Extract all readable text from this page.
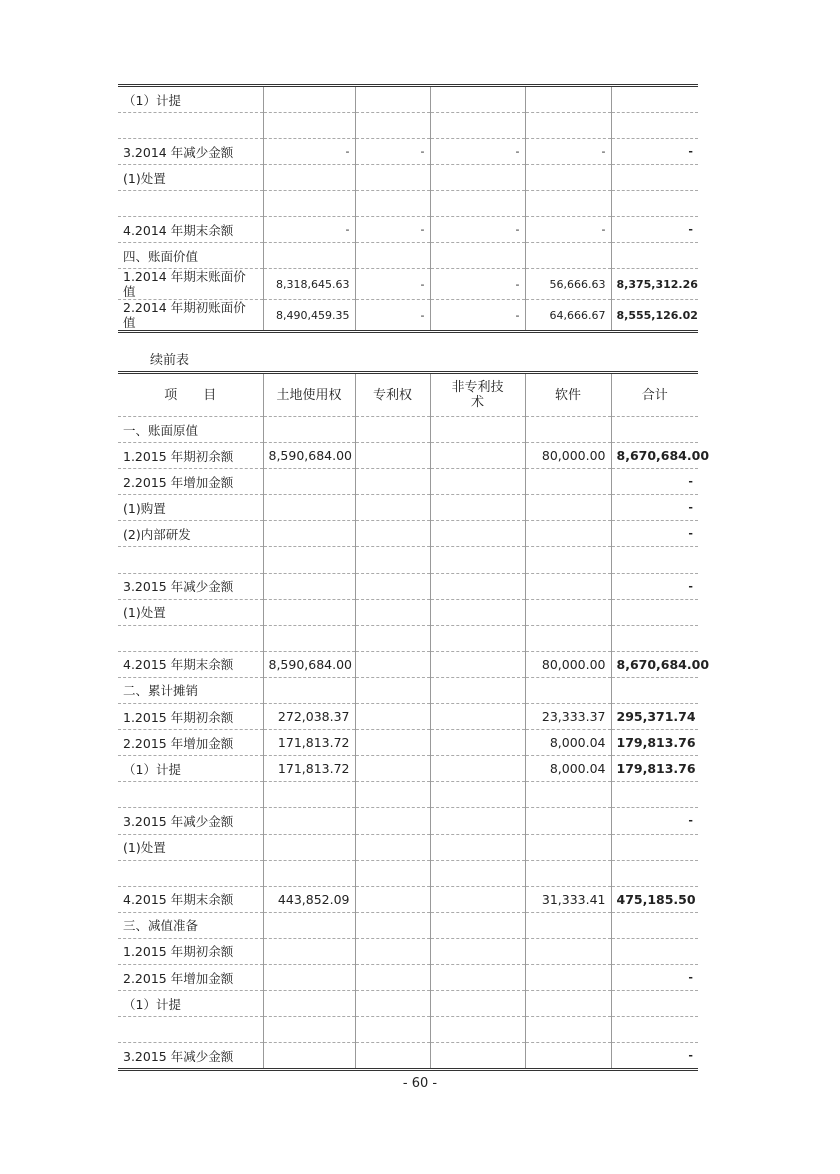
（1）计提					

3.2014 年减少金额	-	-	-	-	-
(1)处置					

4.2014 年期末余额	-	-	-	-	-
四、账面价值					
1.2014 年期末账面价值	8,318,645.63	-	-	56,666.63	8,375,312.26
2.2014 年期初账面价值	8,490,459.35	-	-	64,666.67	8,555,126.02
续前表
项　　目	土地使用权	专利权	非专利技术	软件	合计
一、账面原值					
1.2015 年期初余额	8,590,684.00			80,000.00	8,670,684.00
2.2015 年增加金额					-
(1)购置					-
(2)内部研发					-

3.2015 年减少金额					-
(1)处置					

4.2015 年期末余额	8,590,684.00			80,000.00	8,670,684.00
二、累计摊销					
1.2015 年期初余额	272,038.37			23,333.37	295,371.74
2.2015 年增加金额	171,813.72			8,000.04	179,813.76
（1）计提	171,813.72			8,000.04	179,813.76

3.2015 年减少金额					-
(1)处置					

4.2015 年期末余额	443,852.09			31,333.41	475,185.50
三、减值准备					
1.2015 年期初余额					
2.2015 年增加金额					-
（1）计提					

3.2015 年减少金额					-
- 60 -
